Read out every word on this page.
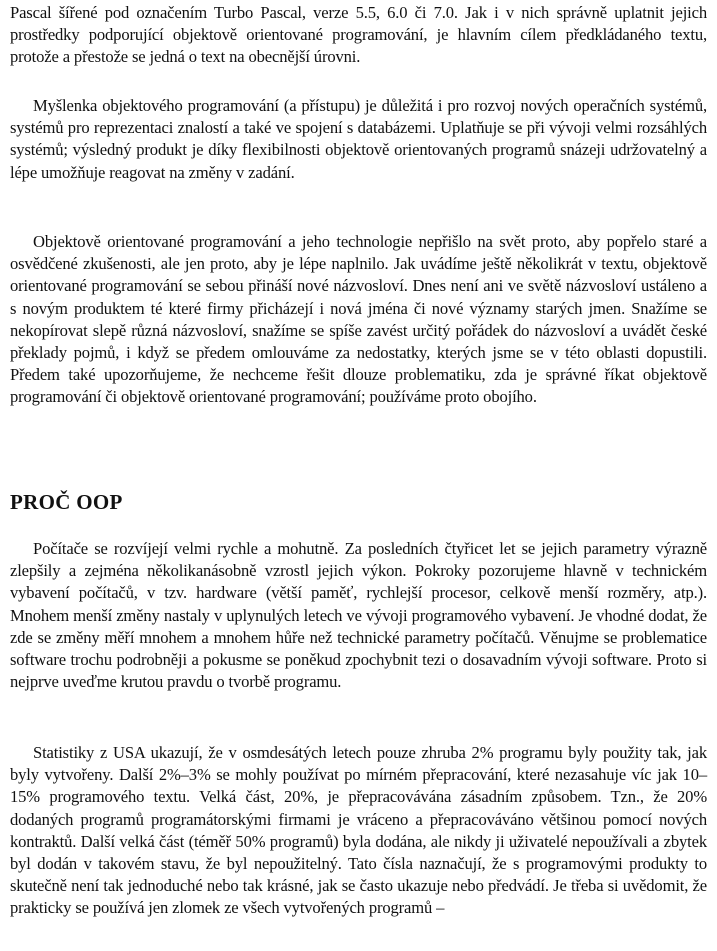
Pascal šířené pod označením Turbo Pascal, verze 5.5, 6.0 či 7.0. Jak i v nich správně uplatnit jejich prostředky podporující objektově orientované programování, je hlavním cílem předkládaného textu, protože a přestože se jedná o text na obecnější úrovni.

Myšlenka objektového programování (a přístupu) je důležitá i pro rozvoj nových operačních systémů, systémů pro reprezentaci znalostí a také ve spojení s databázemi. Uplatňuje se při vývoji velmi rozsáhlých systémů; výsledný produkt je díky flexibilnosti objektově orientovaných programů snázeji udržovatelný a lépe umožňuje reagovat na změny v zadání.

Objektově orientované programování a jeho technologie nepřišlo na svět proto, aby popřelo staré a osvědčené zkušenosti, ale jen proto, aby je lépe naplnilo. Jak uvádíme ještě několikrát v textu, objektově orientované programování se sebou přináší nové názvosloví. Dnes není ani ve světě názvosloví ustáleno a s novým produktem té které firmy přicházejí i nová jména či nové významy starých jmen. Snažíme se nekopírovat slepě různá názvosloví, snažíme se spíše zavést určitý pořádek do názvosloví a uvádět české překlady pojmů, i když se předem omlouváme za nedostatky, kterých jsme se v této oblasti dopustili. Předem také upozorňujeme, že nechceme řešit dlouze problematiku, zda je správné říkat objektově programování či objektově orientované programování; používáme proto obojího.

PROČ OOP

Počítače se rozvíjejí velmi rychle a mohutně. Za posledních čtyřicet let se jejich parametry výrazně zlepšily a zejména několikanásobně vzrostl jejich výkon. Pokroky pozorujeme hlavně v technickém vybavení počítačů, v tzv. hardware (větší paměť, rychlejší procesor, celkově menší rozměry, atp.). Mnohem menší změny nastaly v uplynulých letech ve vývoji programového vybavení. Je vhodné dodat, že zde se změny měří mnohem a mnohem hůře než technické parametry počítačů. Věnujme se problematice software trochu podrobněji a pokusme se poněkud zpochybnit tezi o dosavadním vývoji software. Proto si nejprve uveďme krutou pravdu o tvorbě programu.

Statistiky z USA ukazují, že v osmdesátých letech pouze zhruba 2% programu byly použity tak, jak byly vytvořeny. Další 2%–3% se mohly používat po mírném přepracování, které nezasahuje víc jak 10–15% programového textu. Velká část, 20%, je přepracovávána zásadním způsobem. Tzn., že 20% dodaných programů programátorskými firmami je vráceno a přepracováváno většinou pomocí nových kontraktů. Další velká část (téměř 50% programů) byla dodána, ale nikdy ji uživatelé nepoužívali a zbytek byl dodán v takovém stavu, že byl nepoužitelný. Tato čísla naznačují, že s programovými produkty to skutečně není tak jednoduché nebo tak krásné, jak se často ukazuje nebo předvádí. Je třeba si uvědomit, že prakticky se používá jen zlomek ze všech vytvořených programů –
